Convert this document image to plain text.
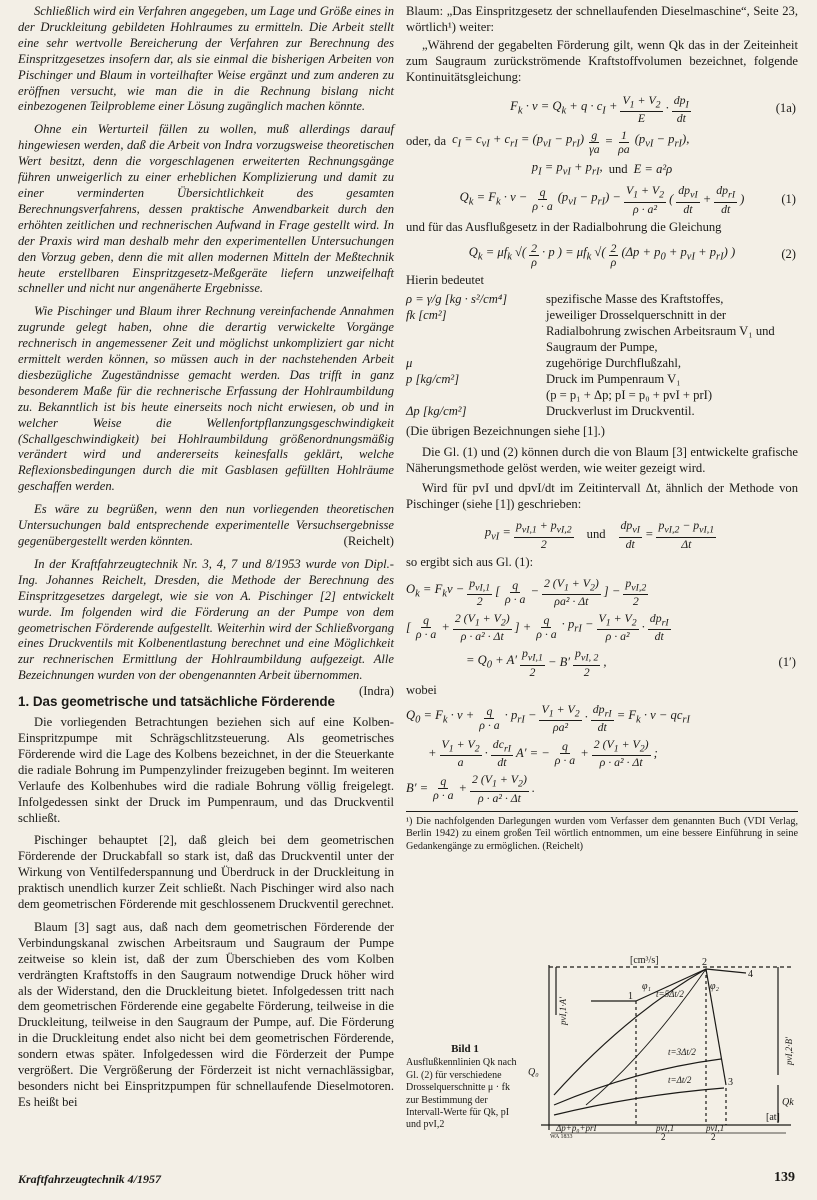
Schließlich wird ein Verfahren angegeben, um Lage und Größe eines in der Druckleitung gebildeten Hohlraumes zu ermitteln. Die Arbeit stellt eine sehr wertvolle Bereicherung der Verfahren zur Berechnung des Einspritzgesetzes insofern dar, als sie einmal die bisherigen Arbeiten von Pischinger und Blaum in vorteilhafter Weise ergänzt und zum anderen zu eröffnen versucht, wie man die in die Rechnung bislang nicht einbezogenen Teilprobleme einer Lösung zugänglich machen könnte.

Ohne ein Werturteil fällen zu wollen, muß allerdings darauf hingewiesen werden, daß die Arbeit von Indra vorzugsweise theoretischen Wert besitzt, denn die vorgeschlagenen erweiterten Rechnungsgänge führen unweigerlich zu einer erheblichen Komplizierung und damit zu einer verminderten Übersichtlichkeit des gesamten Berechnungsverfahrens, dessen praktische Anwendbarkeit durch den erhöhten zeitlichen und rechnerischen Aufwand in Frage gestellt wird. In der Praxis wird man deshalb mehr den experimentellen Untersuchungen den Vorzug geben, denn die mit allen modernen Mitteln der Meßtechnik heute erstellbaren Einspritzgesetz-Meßgeräte liefern unzweifelhaft schneller und nicht nur angenäherte Ergebnisse.

Wie Pischinger und Blaum ihrer Rechnung vereinfachende Annahmen zugrunde gelegt haben, ohne die derartig verwickelte Vorgänge rechnerisch in angemessener Zeit und möglichst unkompliziert gar nicht ermittelt werden können, so müssen auch in der nachstehenden Arbeit diesbezügliche Zugeständnisse gemacht werden. Das trifft in ganz besonderem Maße für die rechnerische Erfassung der Hohlraumbildung zu. Bekanntlich ist bis heute einerseits noch nicht erwiesen, ob und in welcher Weise die Wellenfortpflanzungsgeschwindigkeit (Schallgeschwindigkeit) bei Hohlraumbildung größenordnungsmäßig verändert wird und andererseits keinesfalls geklärt, welche Reflexionsbedingungen durch die mit Gasblasen gefüllten Hohlräume geschaffen werden.

Es wäre zu begrüßen, wenn den nun vorliegenden theoretischen Untersuchungen bald entsprechende experimentelle Versuchsergebnisse gegenübergestellt werden könnten.	(Reichelt)

In der Kraftfahrzeugtechnik Nr. 3, 4, 7 und 8/1953 wurde von Dipl.-Ing. Johannes Reichelt, Dresden, die Methode der Berechnung des Einspritzgesetzes dargelegt, wie sie von A. Pischinger [2] entwickelt wurde. Im folgenden wird die Förderung an der Pumpe von dem geometrischen Förderende aufgestellt. Weiterhin wird der Schließvorgang eines Druckventils mit Kolbenentlastung berechnet und eine Möglichkeit zur rechnerischen Ermittlung der Hohlraumbildung aufgezeigt. Alle Bezeichnungen wurden von der obengenannten Arbeit übernommen.
(Indra)

1. Das geometrische und tatsächliche Förderende

Die vorliegenden Betrachtungen beziehen sich auf eine Kolben-Einspritzpumpe mit Schrägschlitzsteuerung. Als geometrisches Förderende wird die Lage des Kolbens bezeichnet, in der die Steuerkante die radiale Bohrung im Pumpenzylinder freizugeben beginnt. Im weiteren Verlaufe des Kolbenhubes wird die radiale Bohrung völlig freigelegt. Infolgedessen sinkt der Druck im Pumpenraum, und das Druckventil schließt.

Pischinger behauptet [2], daß gleich bei dem geometrischen Förderende der Druckabfall so stark ist, daß das Druckventil unter der Wirkung von Ventilfederspannung und Überdruck in der Druckleitung in praktisch unendlich kurzer Zeit schließt. Nach Pischinger wird also nach dem geometrischen Förderende mit geschlossenem Druckventil gerechnet.

Blaum [3] sagt aus, daß nach dem geometrischen Förderende der Verbindungskanal zwischen Arbeitsraum und Saugraum der Pumpe zeitweise so klein ist, daß der zum Überschieben des vom Kolben verdrängten Kraftstoffs in den Saugraum notwendige Druck höher wird als der Widerstand, den die Druckleitung bietet. Infolgedessen tritt nach dem geometrischen Förderende eine gegabelte Förderung, teilweise in die Druckleitung, teilweise in den Saugraum der Pumpe, auf. Die Förderung in die Druckleitung endet also nicht bei dem geometrischen Förderende, sondern etwas später. Infolgedessen wird die Förderzeit der Pumpe vergrößert. Die Vergrößerung der Förderzeit ist nicht vernachlässigbar, besonders nicht bei Einspritzpumpen für schnellaufende Dieselmotoren. Es heißt bei

Blaum: „Das Einspritzgesetz der schnellaufenden Dieselmaschine“, Seite 23, wörtlich¹) weiter:

„Während der gegabelten Förderung gilt, wenn Qk das in der Zeiteinheit zum Saugraum zurückströmende Kraftstoffvolumen bezeichnet, folgende Kontinuitätsgleichung:

$F_k \cdot v = Q_k + q \cdot c_I + \frac{V_1 + V_2}{E} \cdot \frac{dp_I}{dt}$	(1a)
oder, da $c_I = c_{vI} + c_{rI} = (p_{vI} - p_{rI}) \frac{g}{\gamma a} = \frac{1}{\rho a} (p_{vI} - p_{rI})$,
$p_I = p_{vI} + p_{rI}$, und E = a²ρ
$Q_k = F_k \cdot v - \frac{q}{\rho \cdot a} (p_{vI} - p_{rI}) - \frac{V_1 + V_2}{\text{ρ · a²}}$ ( $\frac{dp_{vI}}{dt} + \frac{dp_{rI}}{dt}$ )	(1)

und für das Ausflußgesetz in der Radialbohrung die Gleichung

$Q_k = \mu f_k$ √( $\frac{2}{\rho} \cdot p$ ) = $\mu f_k$ √( $\frac{2}{\rho} (\Delta p + p_0 + p_{vI} + p_{rI})$ )	(2)

Hierin bedeutet

ρ = γ/g [kg · s²/cm⁴]	spezifische Masse des Kraftstoffes,
fk [cm²]	jeweiliger Drosselquerschnitt in der Radialbohrung zwischen Arbeitsraum V₁ und Saugraum der Pumpe,
μ	zugehörige Durchflußzahl,
p [kg/cm²]	Druck im Pumpenraum V₁
	(p = p₁ + Δp; pI = p₀ + pvI + prI)
Δp [kg/cm²]	Druckverlust im Druckventil.

(Die übrigen Bezeichnungen siehe [1].)

Die Gl. (1) und (2) können durch die von Blaum [3] entwickelte grafische Näherungsmethode gelöst werden, wie weiter gezeigt wird.

Wird für pvI und dpvI/dt im Zeitintervall Δt, ähnlich der Methode von Pischinger (siehe [1]) geschrieben:

$p_{vI} = \frac{p_{vI,1} + p_{vI,2}}{2}$ und $\frac{dp_{vI}}{dt} = \frac{p_{vI,2} - p_{vI,1}}{\Delta t}$

so ergibt sich aus Gl. (1):

$O_k = F_kv - \frac{p_{vI,1}}{2}$ [ $\frac{q}{\rho \cdot a} - \frac{2 (V_1 + V_2)}{\text{ρa² · Δt}}$ ] − $\frac{p_{vI,2}}{2}$
[ $\frac{q}{\rho \cdot a} + \frac{2 (V_1 + V_2)}{\text{ρ · a² · Δt}}$ ] + $\frac{q}{\rho \cdot a} \cdot p_{rI} - \frac{V_1 + V_2}{\text{ρ · a²}} \cdot \frac{dp_{rI}}{dt}$
= $Q_0 + A' \frac{p_{vI,1}}{2} - B' \frac{p_{vI, 2}}{2}$ ,	(1′)

wobei

$Q_0 = F_k \cdot v + \frac{q}{\rho \cdot a} \cdot p_{rI} - \frac{V_1 + V_2}{\text{ρa²}} \cdot \frac{dp_{rI}}{dt} = F_k \cdot v - qc_{rI}$
+ $\frac{V_1 + V_2}{a} \cdot \frac{dc_{rI}}{dt} A'$ = − $\frac{q}{\rho \cdot a} + \frac{2 (V_1 + V_2)}{\text{ρ · a² · Δt}}$ ;
$B' = \frac{q}{\rho \cdot a} + \frac{2 (V_1 + V_2)}{\text{ρ · a² · Δt}}$ .
¹) Die nachfolgenden Darlegungen wurden vom Verfasser dem genannten Buch (VDI Verlag, Berlin 1942) zu einem großen Teil wörtlich entnommen, um eine bessere Einführung in seine Gedankengänge zu ermöglichen. (Reichelt)
Bild 1
Ausflußkennlinien Qk nach Gl. (2) für verschiedene Drosselquerschnitte μ · fk zur Bestimmung der Intervall-Werte für Qk, pI und pvI,2
[cm³/s]
[at]
Q₀
Qk
pvI,1·A′
pvI,2·B′
t=5Δt/2
t=3Δt/2
t=Δt/2
1
2
3
4
φ₁	φ₂
Δp+p₀+prI	pvI,1	pvI,1
2	2
WA 1833
Kraftfahrzeugtechnik 4/1957	139
